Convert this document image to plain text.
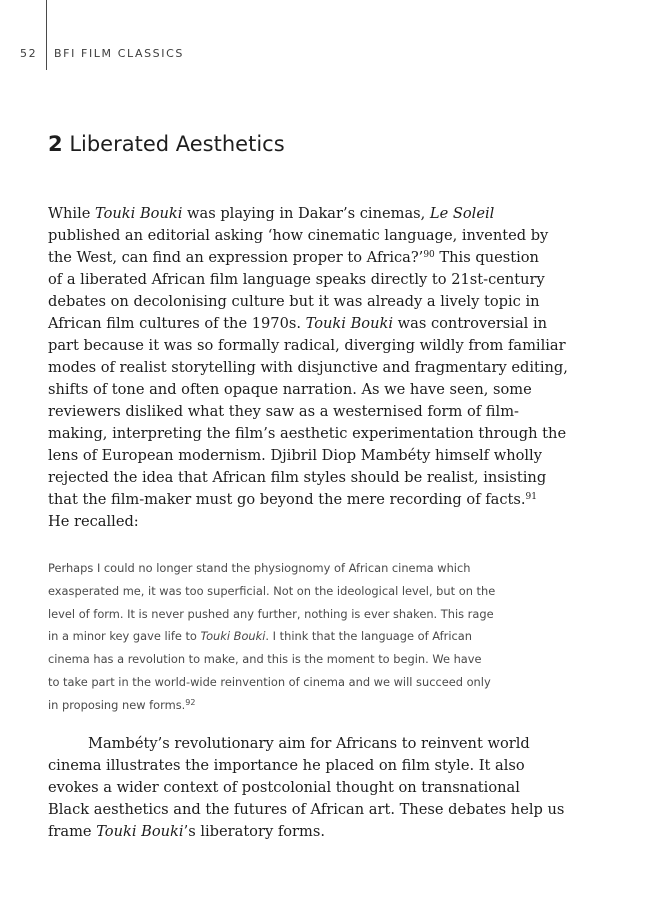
52 BFI FILM CLASSICS
2 Liberated Aesthetics

While Touki Bouki was playing in Dakar’s cinemas, Le Soleil
published an editorial asking ‘how cinematic language, invented by
the West, can find an expression proper to Africa?’$^{90}$ This question
of a liberated African film language speaks directly to 21st-century
debates on decolonising culture but it was already a lively topic in
African film cultures of the 1970s. Touki Bouki was controversial in
part because it was so formally radical, diverging wildly from familiar
modes of realist storytelling with disjunctive and fragmentary editing,
shifts of tone and often opaque narration. As we have seen, some
reviewers disliked what they saw as a westernised form of film-
making, interpreting the film’s aesthetic experimentation through the
lens of European modernism. Djibril Diop Mambéty himself wholly
rejected the idea that African film styles should be realist, insisting
that the film-maker must go beyond the mere recording of facts.$^{91}$
He recalled:

Perhaps I could no longer stand the physiognomy of African cinema which
exasperated me, it was too superficial. Not on the ideological level, but on the
level of form. It is never pushed any further, nothing is ever shaken. This rage
in a minor key gave life to Touki Bouki. I think that the language of African
cinema has a revolution to make, and this is the moment to begin. We have
to take part in the world-wide reinvention of cinema and we will succeed only
in proposing new forms.$^{92}$

Mambéty’s revolutionary aim for Africans to reinvent world
cinema illustrates the importance he placed on film style. It also
evokes a wider context of postcolonial thought on transnational
Black aesthetics and the futures of African art. These debates help us
frame Touki Bouki’s liberatory forms.
